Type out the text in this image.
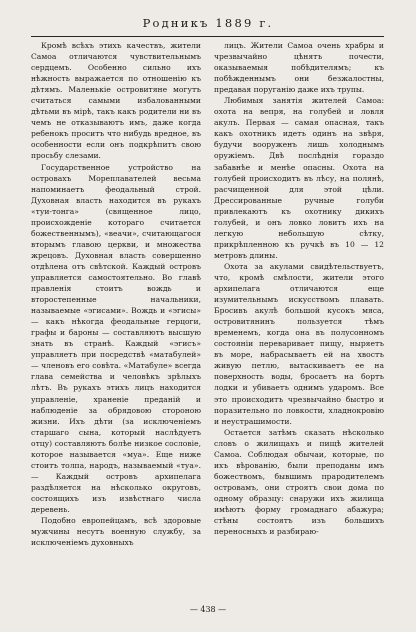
Родникъ 1889 г.

Кромѣ всѣхъ этихъ качествъ, жители Самоа отличаются чувствительнымъ сердцемъ. Особенно сильно ихъ нѣжность выражается по отношенію къ дѣтямъ. Маленькіе островитяне могутъ считаться самыми избалованными дѣтьми въ мірѣ, такъ какъ родители ни въ чемъ не отказываютъ имъ, даже когда ребенокъ проситъ что нибудь вредное, въ особенности если онъ подкрѣпитъ свою просьбу слезами.

Государственное устройство на островахъ Мореплавателей весьма напоминаетъ феодальный строй. Духовная власть находится въ рукахъ «туи-тонга» (священное лицо, происхожденіе котораго считается божественнымъ), «веачи», считающагося вторымъ главою церкви, и множества жрецовъ. Духовная власть совершенно отдѣлена отъ свѣтской. Каждый островъ управляется самостоятельно. Во главѣ правленія стоитъ вождь и второстепенные начальники, называемые «эгисами». Вождь и «эгисы» — какъ нѣкогда феодальные герцоги, графы и бароны — составляютъ высшую знать въ странѣ. Каждый «эгисъ» управляетъ при посредствѣ «матабулей» — членовъ его совѣта. «Матабуле» всегда глава семейства и человѣкъ зрѣлыхъ лѣтъ. Въ рукахъ этихъ лицъ находится управленіе, храненіе преданій и наблюденіе за обрядовою стороною жизни. Ихъ дѣти (за исключеніемъ старшаго сына, который наслѣдуетъ отцу) составляютъ болѣе низкое сословіе, которое называется «муа». Еще ниже стоитъ толпа, народъ, называемый «туа». — Каждый островъ архипелага раздѣляется на нѣсколько округовъ, состоящихъ изъ извѣстнаго числа деревень.

Подобно европейцамъ, всѣ здоровые мужчины несутъ военную службу, за исключеніемъ духовныхъ

лицъ. Жители Самоа очень храбры и чрезвычайно цѣнятъ почести, оказываемыя побѣдителямъ; къ побѣжденнымъ они безжалостны, предавая поруганію даже ихъ трупы.

Любимыя занятія жителей Самоа: охота на вепря, на голубей и ловля акулъ. Первая — самая опасная, такъ какъ охотникъ идетъ одинъ на звѣря, будучи вооруженъ лишь холоднымъ оружіемъ. Двѣ послѣднія гораздо забавнѣе и менѣе опасны. Охота на голубей происходитъ въ лѣсу, на полянѣ, расчищенной для этой цѣли. Дрессированные ручные голуби привлекаютъ къ охотнику дикихъ голубей, и онъ ловко ловитъ ихъ на легкую небольшую сѣтку, прикрѣпленною къ ручкѣ въ 10 — 12 метровъ длины.

Охота за акулами свидѣтельствуетъ, что, кромѣ смѣлости, жители этого архипелага отличаются еще изумительнымъ искусствомъ плавать. Бросивъ акулѣ большой кусокъ мяса, островитянинъ пользуется тѣмъ временемъ, когда она въ полусонномъ состояніи переваривает пищу, ныряетъ въ море, набрасываетъ ей на хвостъ живую петлю, вытаскиваетъ ее на поверхность воды, бросаетъ на бортъ лодки и убиваетъ однимъ ударомъ. Все это происходитъ чрезвычайно быстро и поразительно по ловкости, хладнокровію и неустрашимости.

Остается затѣмъ сказать нѣсколько словъ о жилищахъ и пищѣ жителей Самоа. Соблюдая обычаи, которые, по ихъ вѣрованію, были преподаны имъ божествомъ, бывшимъ прародителемъ островамъ, они строятъ свои дома по одному образцу: снаружи ихъ жилища имѣютъ форму громаднаго абажура; стѣны состоятъ изъ большихъ переносныхъ и разбираю-

— 438 —
